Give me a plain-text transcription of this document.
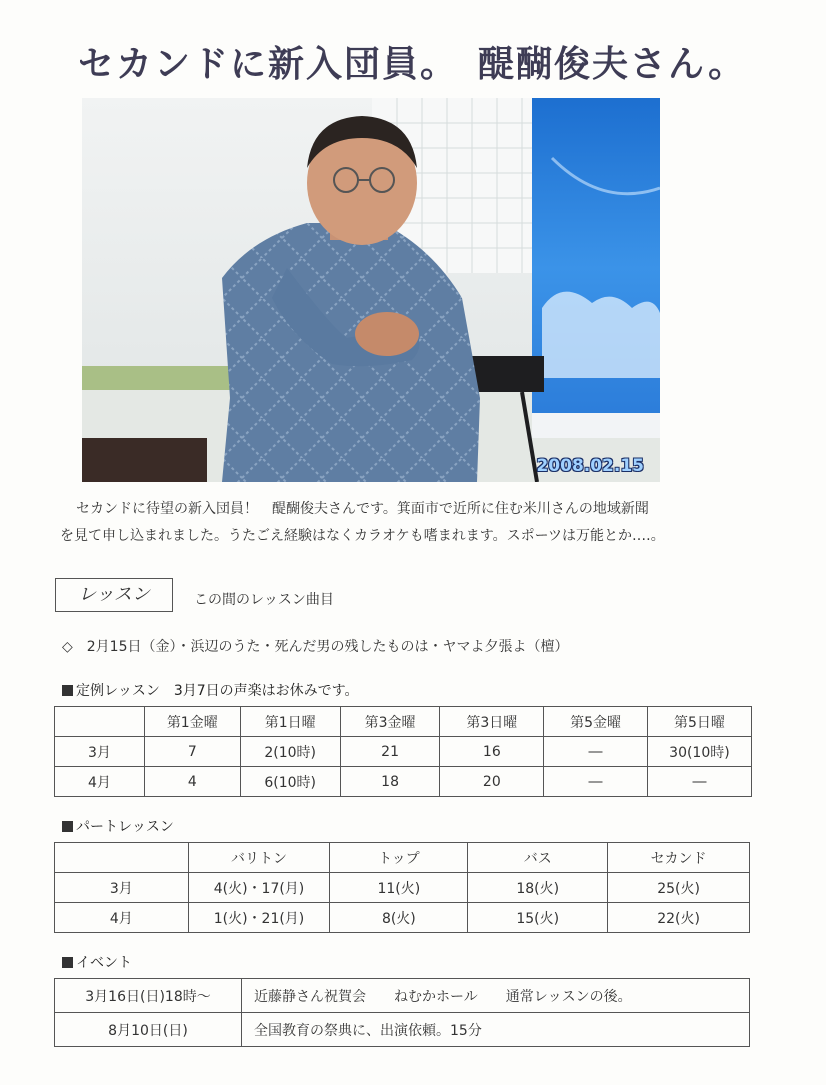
セカンドに新入団員。　醍醐俊夫さん。
2008.02.15

セカンドに待望の新入団員！　醍醐俊夫さんです。箕面市で近所に住む米川さんの地域新聞

を見て申し込まれました。うたごえ経験はなくカラオケも嗜まれます。スポーツは万能とか‥‥。

レッスン	この間のレッスン曲目
◇　2月15日（金）・浜辺のうた・死んだ男の残したものは・ヤマよ夕張よ（檀）
定例レッスン　3月7日の声楽はお休みです。
	第1金曜	第1日曜	第3金曜	第3日曜	第5金曜	第5日曜
3月	7	2(10時)	21	16	―	30(10時)
4月	4	6(10時)	18	20	―	―
パートレッスン
	バリトン	トップ	バス	セカンド
3月	4(火)・17(月)	11(火)	18(火)	25(火)
4月	1(火)・21(月)	8(火)	15(火)	22(火)
イベント
3月16日(日)18時～	近藤静さん祝賀会　　ねむかホール　　通常レッスンの後。
8月10日(日)	全国教育の祭典に、出演依頼。15分
